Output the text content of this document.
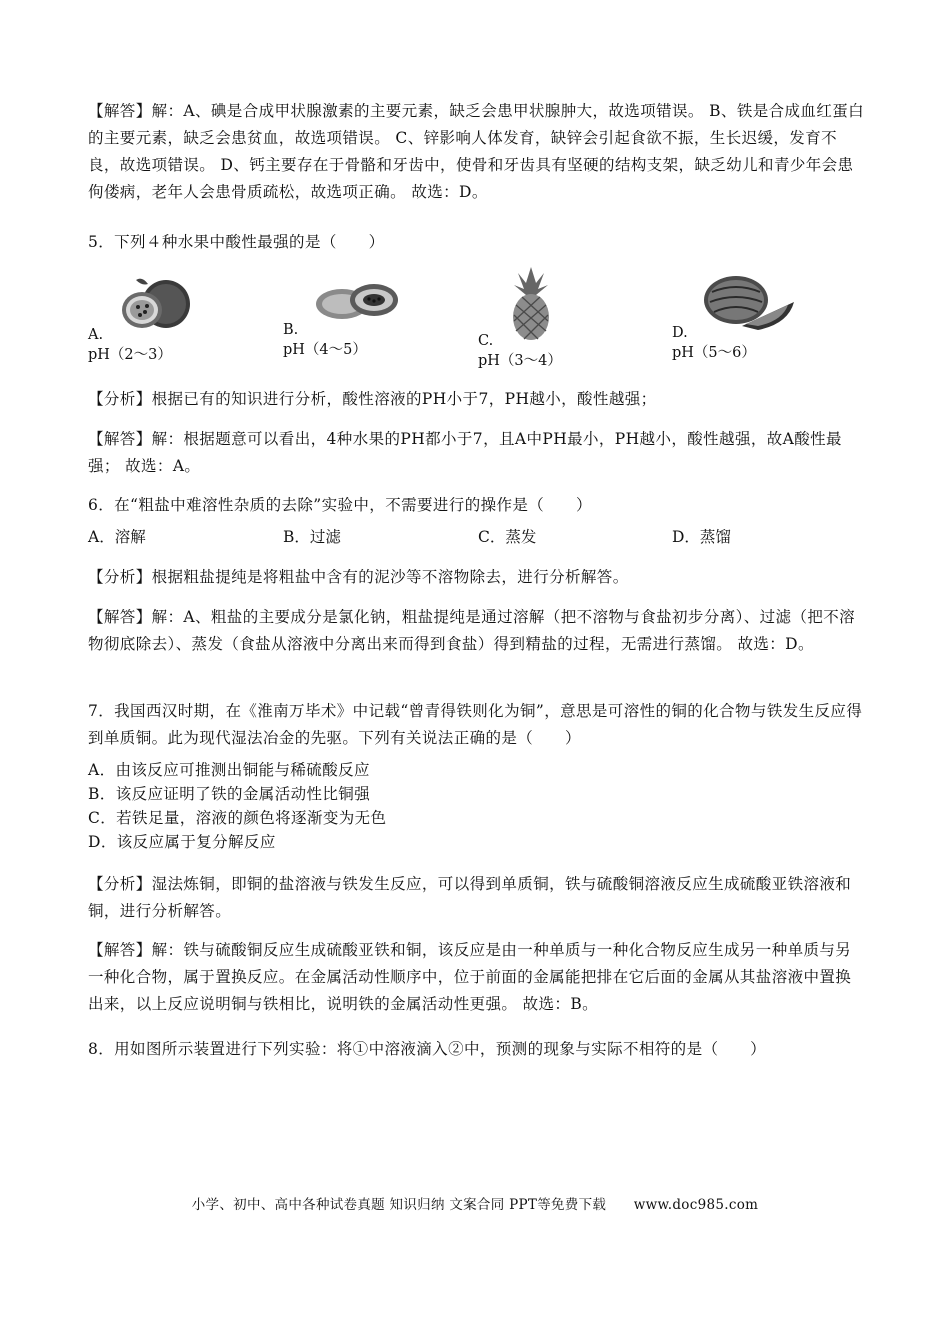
【解答】解：A、碘是合成甲状腺激素的主要元素，缺乏会患甲状腺肿大，故选项错误。 B、铁是合成血红蛋白的主要元素，缺乏会患贫血，故选项错误。 C、锌影响人体发育，缺锌会引起食欲不振，生长迟缓，发育不良，故选项错误。 D、钙主要存在于骨骼和牙齿中，使骨和牙齿具有坚硬的结构支架，缺乏幼儿和青少年会患佝偻病，老年人会患骨质疏松，故选项正确。 故选：D。

5．下列４种水果中酸性最强的是（　　）

A.
pH（2～3）
B.
pH（4～5）
C.
pH（3～4）
D.
pH（5～6）

【分析】根据已有的知识进行分析，酸性溶液的PH小于7，PH越小，酸性越强；

【解答】解：根据题意可以看出，4种水果的PH都小于7，且A中PH最小，PH越小，酸性越强，故A酸性最强； 故选：A。

6．在“粗盐中难溶性杂质的去除”实验中，不需要进行的操作是（　　）

A．溶解	B．过滤	C．蒸发	D．蒸馏

【分析】根据粗盐提纯是将粗盐中含有的泥沙等不溶物除去，进行分析解答。

【解答】解：A、粗盐的主要成分是氯化钠，粗盐提纯是通过溶解（把不溶物与食盐初步分离）、过滤（把不溶物彻底除去）、蒸发（食盐从溶液中分离出来而得到食盐）得到精盐的过程，无需进行蒸馏。 故选：D。

7．我国西汉时期，在《淮南万毕术》中记载“曾青得铁则化为铜”，意思是可溶性的铜的化合物与铁发生反应得到单质铜。此为现代湿法冶金的先驱。下列有关说法正确的是（　　）

A．由该反应可推测出铜能与稀硫酸反应
B．该反应证明了铁的金属活动性比铜强
C．若铁足量，溶液的颜色将逐渐变为无色
D．该反应属于复分解反应

【分析】湿法炼铜，即铜的盐溶液与铁发生反应，可以得到单质铜，铁与硫酸铜溶液反应生成硫酸亚铁溶液和铜，进行分析解答。

【解答】解：铁与硫酸铜反应生成硫酸亚铁和铜，该反应是由一种单质与一种化合物反应生成另一种单质与另一种化合物，属于置换反应。在金属活动性顺序中，位于前面的金属能把排在它后面的金属从其盐溶液中置换出来，以上反应说明铜与铁相比，说明铁的金属活动性更强。 故选：B。

8．用如图所示装置进行下列实验：将①中溶液滴入②中，预测的现象与实际不相符的是（　　）

小学、初中、高中各种试卷真题 知识归纳 文案合同 PPT等免费下载　　www.doc985.com
